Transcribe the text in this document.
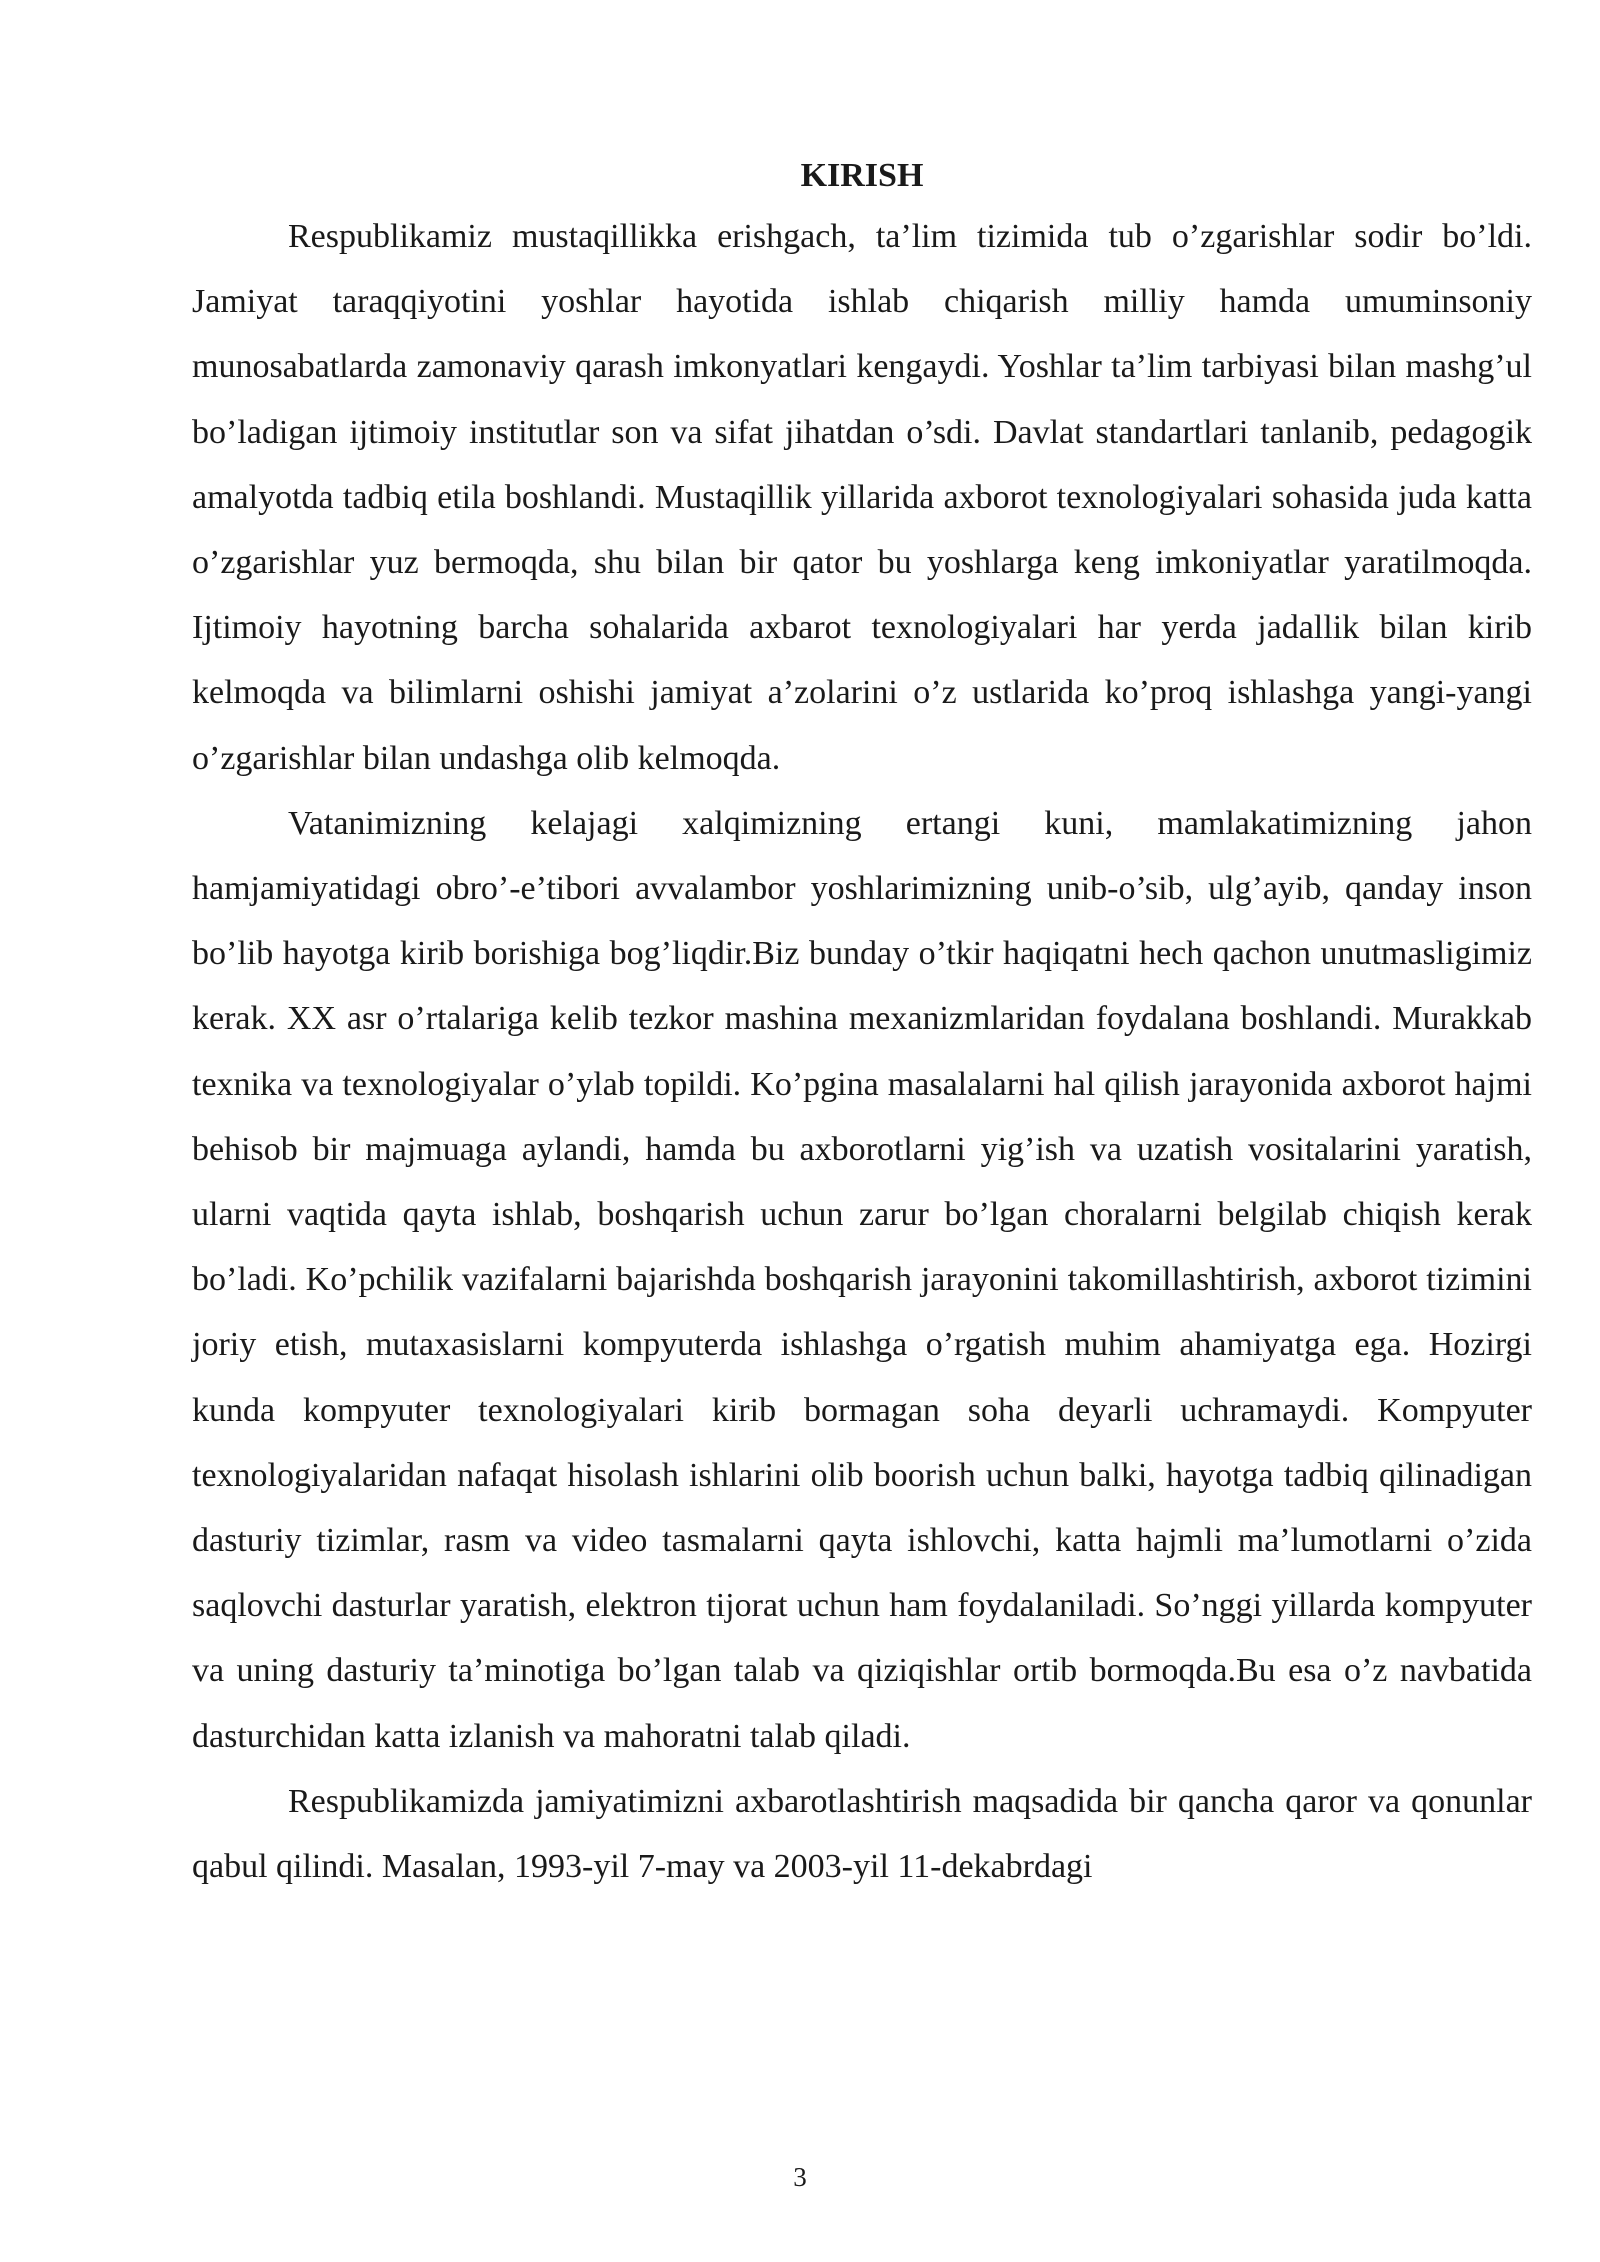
KIRISH

Respublikamiz mustaqillikka erishgach, ta’lim tizimida tub o’zgarishlar sodir bo’ldi. Jamiyat taraqqiyotini yoshlar hayotida ishlab chiqarish milliy hamda umuminsoniy munosabatlarda zamonaviy qarash imkonyatlari kengaydi. Yoshlar ta’lim tarbiyasi bilan mashg’ul bo’ladigan ijtimoiy institutlar son va sifat jihatdan o’sdi. Davlat standartlari tanlanib, pedagogik amalyotda tadbiq etila boshlandi. Mustaqillik yillarida axborot texnologiyalari sohasida juda katta o’zgarishlar yuz bermoqda, shu bilan bir qator bu yoshlarga keng imkoniyatlar yaratilmoqda. Ijtimoiy hayotning barcha sohalarida axbarot texnologiyalari har yerda jadallik bilan kirib kelmoqda va bilimlarni oshishi jamiyat a’zolarini o’z ustlarida ko’proq ishlashga yangi-yangi o’zgarishlar bilan undashga olib kelmoqda.

Vatanimizning kelajagi xalqimizning ertangi kuni, mamlakatimizning jahon hamjamiyatidagi obro’-e’tibori avvalambor yoshlarimizning unib-o’sib, ulg’ayib, qanday inson bo’lib hayotga kirib borishiga bog’liqdir.Biz bunday o’tkir haqiqatni hech qachon unutmasligimiz kerak. XX asr o’rtalariga kelib tezkor mashina mexanizmlaridan foydalana boshlandi. Murakkab texnika va texnologiyalar o’ylab topildi. Ko’pgina masalalarni hal qilish jarayonida axborot hajmi behisob bir majmuaga aylandi, hamda bu axborotlarni yig’ish va uzatish vositalarini yaratish, ularni vaqtida qayta ishlab, boshqarish uchun zarur bo’lgan choralarni belgilab chiqish kerak bo’ladi. Ko’pchilik vazifalarni bajarishda boshqarish jarayonini takomillashtirish, axborot tizimini joriy etish, mutaxasislarni kompyuterda ishlashga o’rgatish muhim ahamiyatga ega. Hozirgi kunda kompyuter texnologiyalari kirib bormagan soha deyarli uchramaydi. Kompyuter texnologiyalaridan nafaqat hisolash ishlarini olib boorish uchun balki, hayotga tadbiq qilinadigan dasturiy tizimlar, rasm va video tasmalarni qayta ishlovchi, katta hajmli ma’lumotlarni o’zida saqlovchi dasturlar yaratish, elektron tijorat uchun ham foydalaniladi. So’nggi yillarda kompyuter va uning dasturiy ta’minotiga bo’lgan talab va qiziqishlar ortib bormoqda.Bu esa o’z navbatida dasturchidan katta izlanish va mahoratni talab qiladi.

Respublikamizda jamiyatimizni axbarotlashtirish maqsadida bir qancha qaror va qonunlar qabul qilindi. Masalan, 1993-yil 7-may va 2003-yil 11-dekabrdagi

3
